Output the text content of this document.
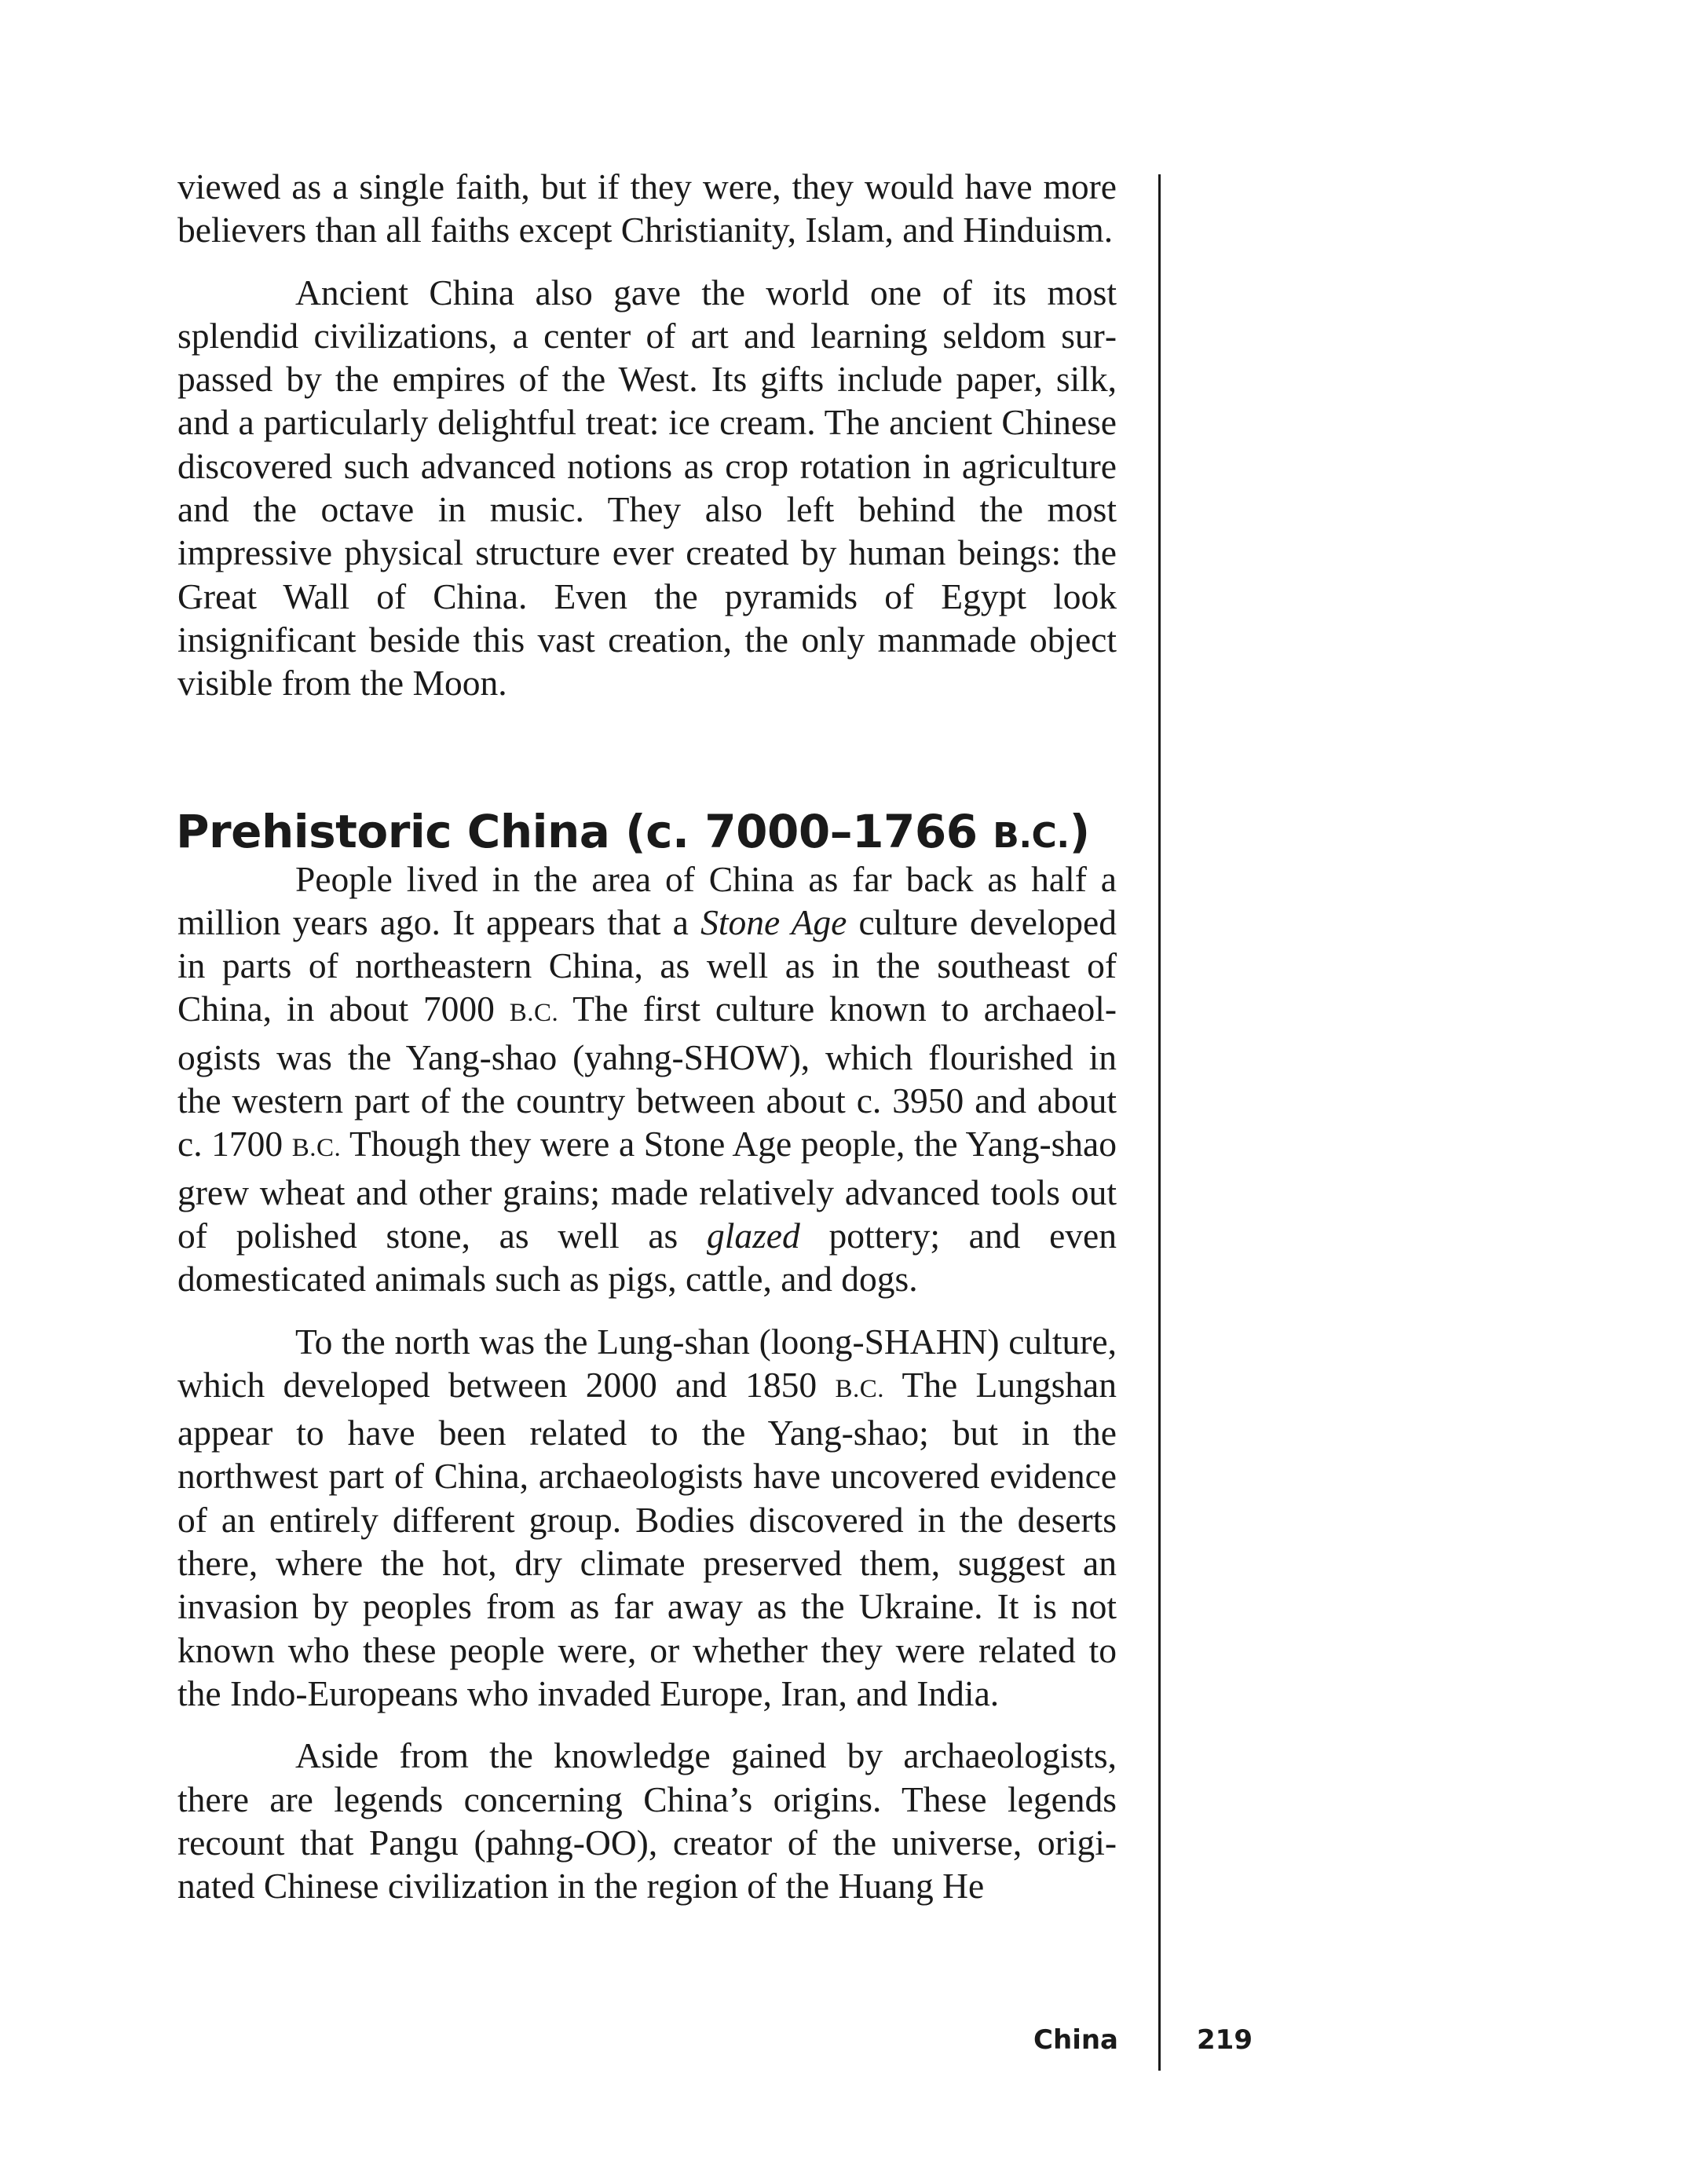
viewed as a single faith, but if they were, they would have more believers than all faiths except Christianity, Islam, and Hinduism.

Ancient China also gave the world one of its most splendid civilizations, a center of art and learning seldom surpassed by the empires of the West. Its gifts include paper, silk, and a particularly delightful treat: ice cream. The ancient Chinese discovered such advanced notions as crop rotation in agriculture and the octave in music. They also left behind the most impressive physical structure ever created by human beings: the Great Wall of China. Even the pyramids of Egypt look insignificant beside this vast creation, the only manmade object visible from the Moon.

Prehistoric China (c. 7000–1766 B.C.)

People lived in the area of China as far back as half a million years ago. It appears that a Stone Age culture developed in parts of northeastern China, as well as in the southeast of China, in about 7000 B.C. The first culture known to archaeologists was the Yang-shao (yahng-SHOW), which flourished in the western part of the country between about c. 3950 and about c. 1700 B.C. Though they were a Stone Age people, the Yang-shao grew wheat and other grains; made relatively advanced tools out of polished stone, as well as glazed pottery; and even domesticated animals such as pigs, cattle, and dogs.

To the north was the Lung-shan (loong-SHAHN) culture, which developed between 2000 and 1850 B.C. The Lungshan appear to have been related to the Yang-shao; but in the northwest part of China, archaeologists have uncovered evidence of an entirely different group. Bodies discovered in the deserts there, where the hot, dry climate preserved them, suggest an invasion by peoples from as far away as the Ukraine. It is not known who these people were, or whether they were related to the Indo-Europeans who invaded Europe, Iran, and India.

Aside from the knowledge gained by archaeologists, there are legends concerning China’s origins. These legends recount that Pangu (pahng-OO), creator of the universe, originated Chinese civilization in the region of the Huang He

China	219
